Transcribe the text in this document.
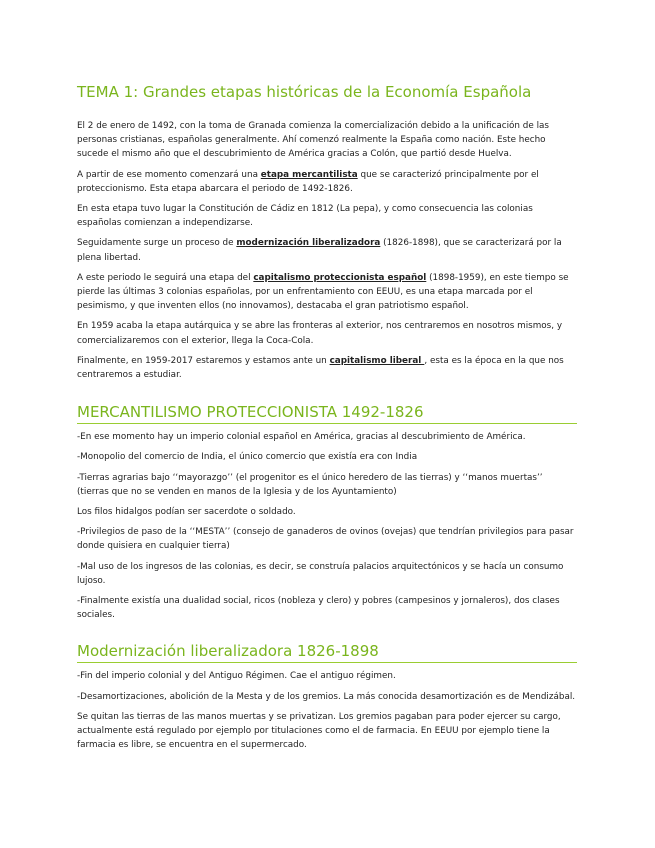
TEMA 1: Grandes etapas históricas de la Economía Española

El 2 de enero de 1492, con la toma de Granada comienza la comercialización debido a la unificación de las personas cristianas, españolas generalmente. Ahí comenzó realmente la España como nación. Este hecho sucede el mismo año que el descubrimiento de América gracias a Colón, que partió desde Huelva.

A partir de ese momento comenzará una etapa mercantilista que se caracterizó principalmente por el proteccionismo. Esta etapa abarcara el periodo de 1492-1826.

En esta etapa tuvo lugar la Constitución de Cádiz en 1812 (La pepa), y como consecuencia las colonias españolas comienzan a independizarse.

Seguidamente surge un proceso de modernización liberalizadora (1826-1898), que se caracterizará por la plena libertad.

A este periodo le seguirá una etapa del capitalismo proteccionista español (1898-1959), en este tiempo se pierde las últimas 3 colonias españolas, por un enfrentamiento con EEUU, es una etapa marcada por el pesimismo, y que inventen ellos (no innovamos), destacaba el gran patriotismo español.

En 1959 acaba la etapa autárquica y se abre las fronteras al exterior, nos centraremos en nosotros mismos, y comercializaremos con el exterior, llega la Coca-Cola.

Finalmente, en 1959-2017 estaremos y estamos ante un capitalismo liberal , esta es la época en la que nos centraremos a estudiar.

MERCANTILISMO PROTECCIONISTA 1492-1826

-En ese momento hay un imperio colonial español en América, gracias al descubrimiento de América.

-Monopolio del comercio de India, el único comercio que existía era con India

-Tierras agrarias bajo ‘‘mayorazgo’’ (el progenitor es el único heredero de las tierras) y ‘‘manos muertas’’ (tierras que no se venden en manos de la Iglesia y de los Ayuntamiento)

Los filos hidalgos podían ser sacerdote o soldado.

-Privilegios de paso de la ‘‘MESTA’’ (consejo de ganaderos de ovinos (ovejas) que tendrían privilegios para pasar donde quisiera en cualquier tierra)

-Mal uso de los ingresos de las colonias, es decir, se construía palacios arquitectónicos y se hacía un consumo lujoso.

-Finalmente existía una dualidad social, ricos (nobleza y clero) y pobres (campesinos y jornaleros), dos clases sociales.

Modernización liberalizadora 1826-1898

-Fin del imperio colonial y del Antiguo Régimen. Cae el antiguo régimen.

-Desamortizaciones, abolición de la Mesta y de los gremios. La más conocida desamortización es de Mendizábal.

Se quitan las tierras de las manos muertas y se privatizan. Los gremios pagaban para poder ejercer su cargo, actualmente está regulado por ejemplo por titulaciones como el de farmacia. En EEUU por ejemplo tiene la farmacia es libre, se encuentra en el supermercado.
